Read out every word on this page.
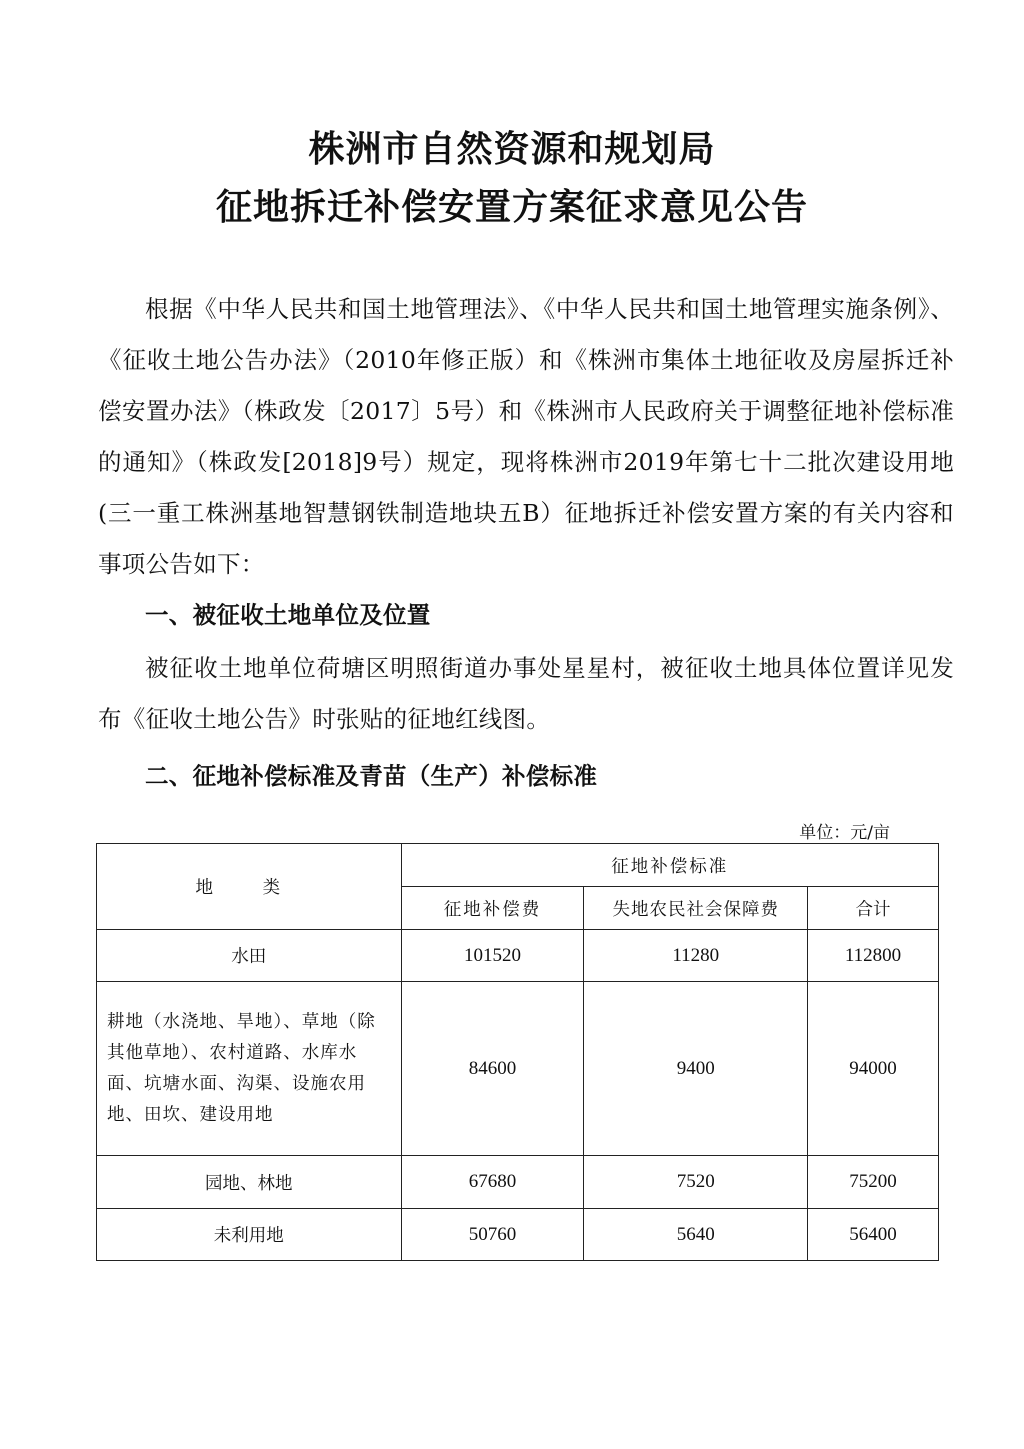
株洲市自然资源和规划局
征地拆迁补偿安置方案征求意见公告

根据《中华人民共和国土地管理法》、《中华人民共和国土地管理实施条例》、《征收土地公告办法》（2010年修正版）和《株洲市集体土地征收及房屋拆迁补偿安置办法》（株政发〔2017〕5号）和《株洲市人民政府关于调整征地补偿标准的通知》（株政发[2018]9号）规定，现将株洲市2019年第七十二批次建设用地(三一重工株洲基地智慧钢铁制造地块五B）征地拆迁补偿安置方案的有关内容和事项公告如下：

一、被征收土地单位及位置

被征收土地单位荷塘区明照街道办事处星星村，被征收土地具体位置详见发布《征收土地公告》时张贴的征地红线图。

二、征地补偿标准及青苗（生产）补偿标准

单位：元/亩
地 类	征地补偿标准		
	征地补偿费	失地农民社会保障费	合计
水田	101520	11280	112800
耕地（水浇地、旱地）、草地（除其他草地）、农村道路、水库水面、坑塘水面、沟渠、设施农用地、田坎、建设用地	84600	9400	94000
园地、林地	67680	7520	75200
未利用地	50760	5640	56400
